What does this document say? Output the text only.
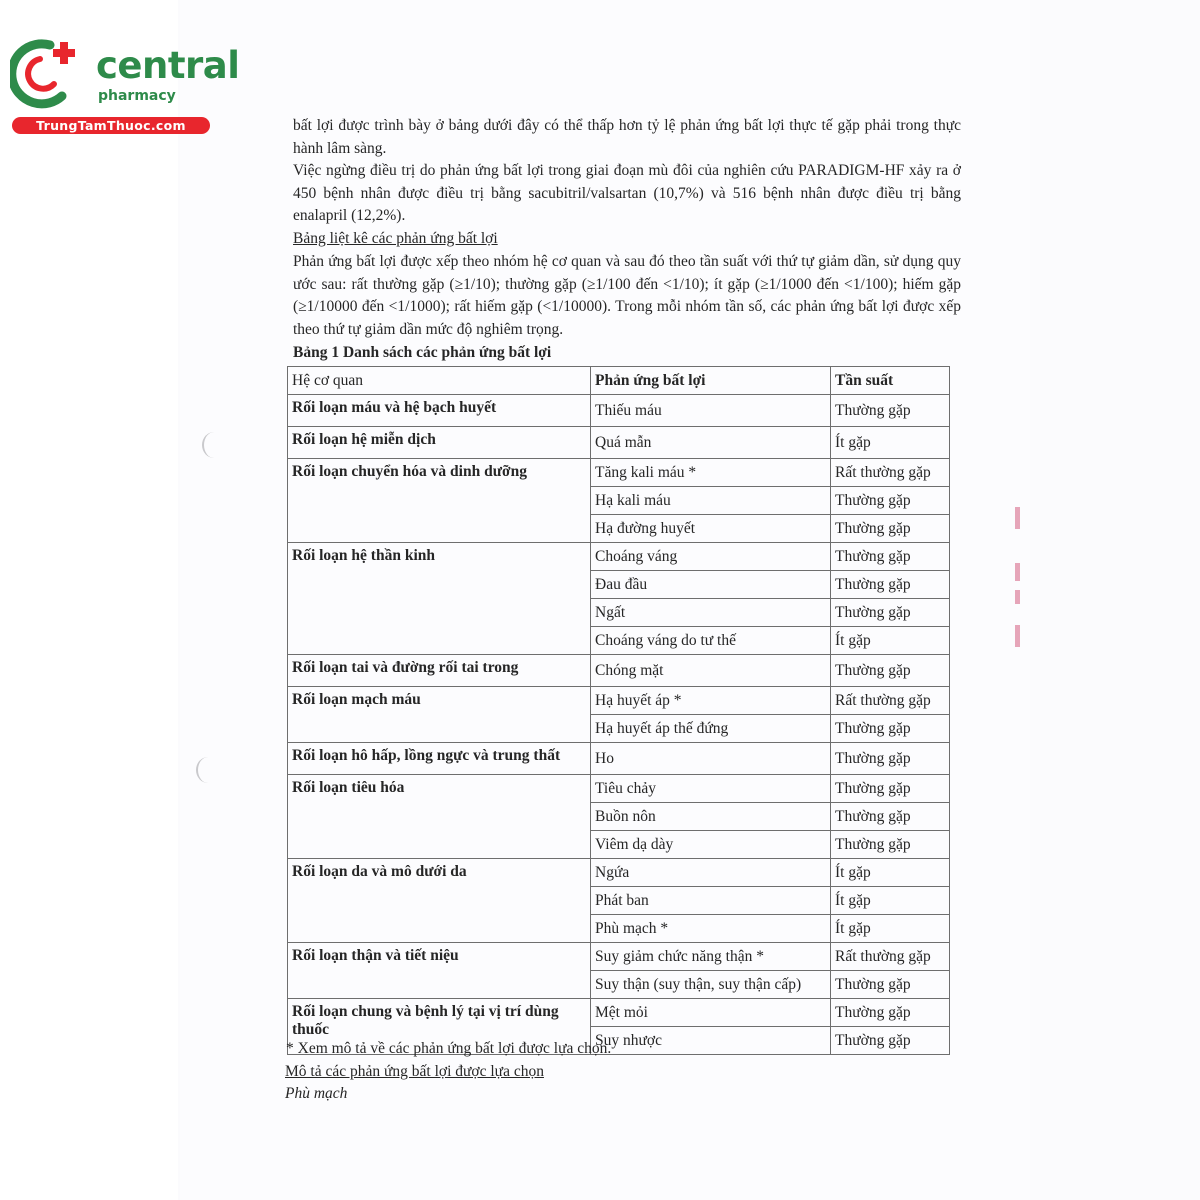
central
pharmacy
TrungTamThuoc.com	bất lợi được trình bày ở bảng dưới đây có thể thấp hơn tỷ lệ phản ứng bất lợi thực tế gặp phải trong thực hành lâm sàng.
Việc ngừng điều trị do phản ứng bất lợi trong giai đoạn mù đôi của nghiên cứu PARADIGM-HF xảy ra ở 450 bệnh nhân được điều trị bằng sacubitril/valsartan (10,7%) và 516 bệnh nhân được điều trị bằng enalapril (12,2%).
Bảng liệt kê các phản ứng bất lợi
Phản ứng bất lợi được xếp theo nhóm hệ cơ quan và sau đó theo tần suất với thứ tự giảm dần, sử dụng quy ước sau: rất thường gặp (≥1/10); thường gặp (≥1/100 đến <1/10); ít gặp (≥1/1000 đến <1/100); hiếm gặp (≥1/10000 đến <1/1000); rất hiếm gặp (<1/10000). Trong mỗi nhóm tần số, các phản ứng bất lợi được xếp theo thứ tự giảm dần mức độ nghiêm trọng.
Bảng 1 Danh sách các phản ứng bất lợi
Hệ cơ quan	Phản ứng bất lợi	Tần suất
Rối loạn máu và hệ bạch huyết	Thiếu máu	Thường gặp
Rối loạn hệ miễn dịch	Quá mẫn	Ít gặp
Rối loạn chuyển hóa và dinh dưỡng	Tăng kali máu *	Rất thường gặp
	Hạ kali máu	Thường gặp
	Hạ đường huyết	Thường gặp
Rối loạn hệ thần kinh	Choáng váng	Thường gặp
	Đau đầu	Thường gặp
	Ngất	Thường gặp
	Choáng váng do tư thế	Ít gặp
Rối loạn tai và đường rối tai trong	Chóng mặt	Thường gặp
Rối loạn mạch máu	Hạ huyết áp *	Rất thường gặp
	Hạ huyết áp thế đứng	Thường gặp
Rối loạn hô hấp, lồng ngực và trung thất	Ho	Thường gặp
Rối loạn tiêu hóa	Tiêu chảy	Thường gặp
	Buồn nôn	Thường gặp
	Viêm dạ dày	Thường gặp
Rối loạn da và mô dưới da	Ngứa	Ít gặp
	Phát ban	Ít gặp
	Phù mạch *	Ít gặp
Rối loạn thận và tiết niệu	Suy giảm chức năng thận *	Rất thường gặp
	Suy thận (suy thận, suy thận cấp)	Thường gặp
Rối loạn chung và bệnh lý tại vị trí dùng thuốc	Mệt mỏi	Thường gặp
	Suy nhược	Thường gặp
* Xem mô tả về các phản ứng bất lợi được lựa chọn.
Mô tả các phản ứng bất lợi được lựa chọn
Phù mạch
